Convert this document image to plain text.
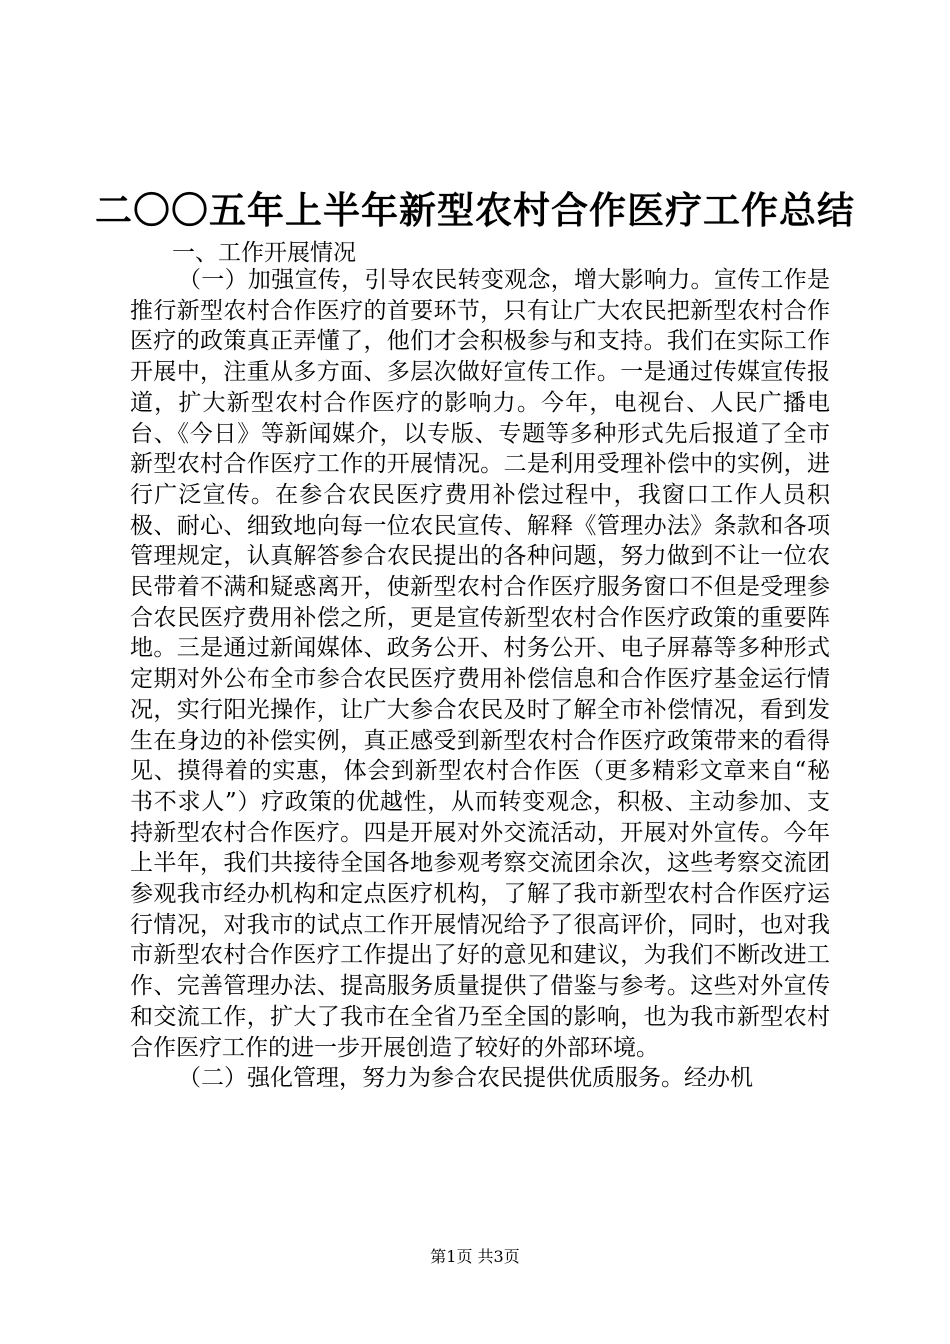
二〇〇五年上半年新型农村合作医疗工作总结
一、工作开展情况

（一）加强宣传，引导农民转变观念，增大影响力。宣传工作是推行新型农村合作医疗的首要环节，只有让广大农民把新型农村合作医疗的政策真正弄懂了，他们才会积极参与和支持。我们在实际工作开展中，注重从多方面、多层次做好宣传工作。一是通过传媒宣传报道，扩大新型农村合作医疗的影响力。今年，电视台、人民广播电台、《今日》等新闻媒介，以专版、专题等多种形式先后报道了全市新型农村合作医疗工作的开展情况。二是利用受理补偿中的实例，进行广泛宣传。在参合农民医疗费用补偿过程中，我窗口工作人员积极、耐心、细致地向每一位农民宣传、解释《管理办法》条款和各项管理规定，认真解答参合农民提出的各种问题，努力做到不让一位农民带着不满和疑惑离开，使新型农村合作医疗服务窗口不但是受理参合农民医疗费用补偿之所，更是宣传新型农村合作医疗政策的重要阵地。三是通过新闻媒体、政务公开、村务公开、电子屏幕等多种形式定期对外公布全市参合农民医疗费用补偿信息和合作医疗基金运行情况，实行阳光操作，让广大参合农民及时了解全市补偿情况，看到发生在身边的补偿实例，真正感受到新型农村合作医疗政策带来的看得见、摸得着的实惠，体会到新型农村合作医（更多精彩文章来自“秘书不求人”）疗政策的优越性，从而转变观念，积极、主动参加、支持新型农村合作医疗。四是开展对外交流活动，开展对外宣传。今年上半年，我们共接待全国各地参观考察交流团余次，这些考察交流团参观我市经办机构和定点医疗机构，了解了我市新型农村合作医疗运行情况，对我市的试点工作开展情况给予了很高评价，同时，也对我市新型农村合作医疗工作提出了好的意见和建议，为我们不断改进工作、完善管理办法、提高服务质量提供了借鉴与参考。这些对外宣传和交流工作，扩大了我市在全省乃至全国的影响，也为我市新型农村合作医疗工作的进一步开展创造了较好的外部环境。

（二）强化管理，努力为参合农民提供优质服务。经办机

第1页 共3页
